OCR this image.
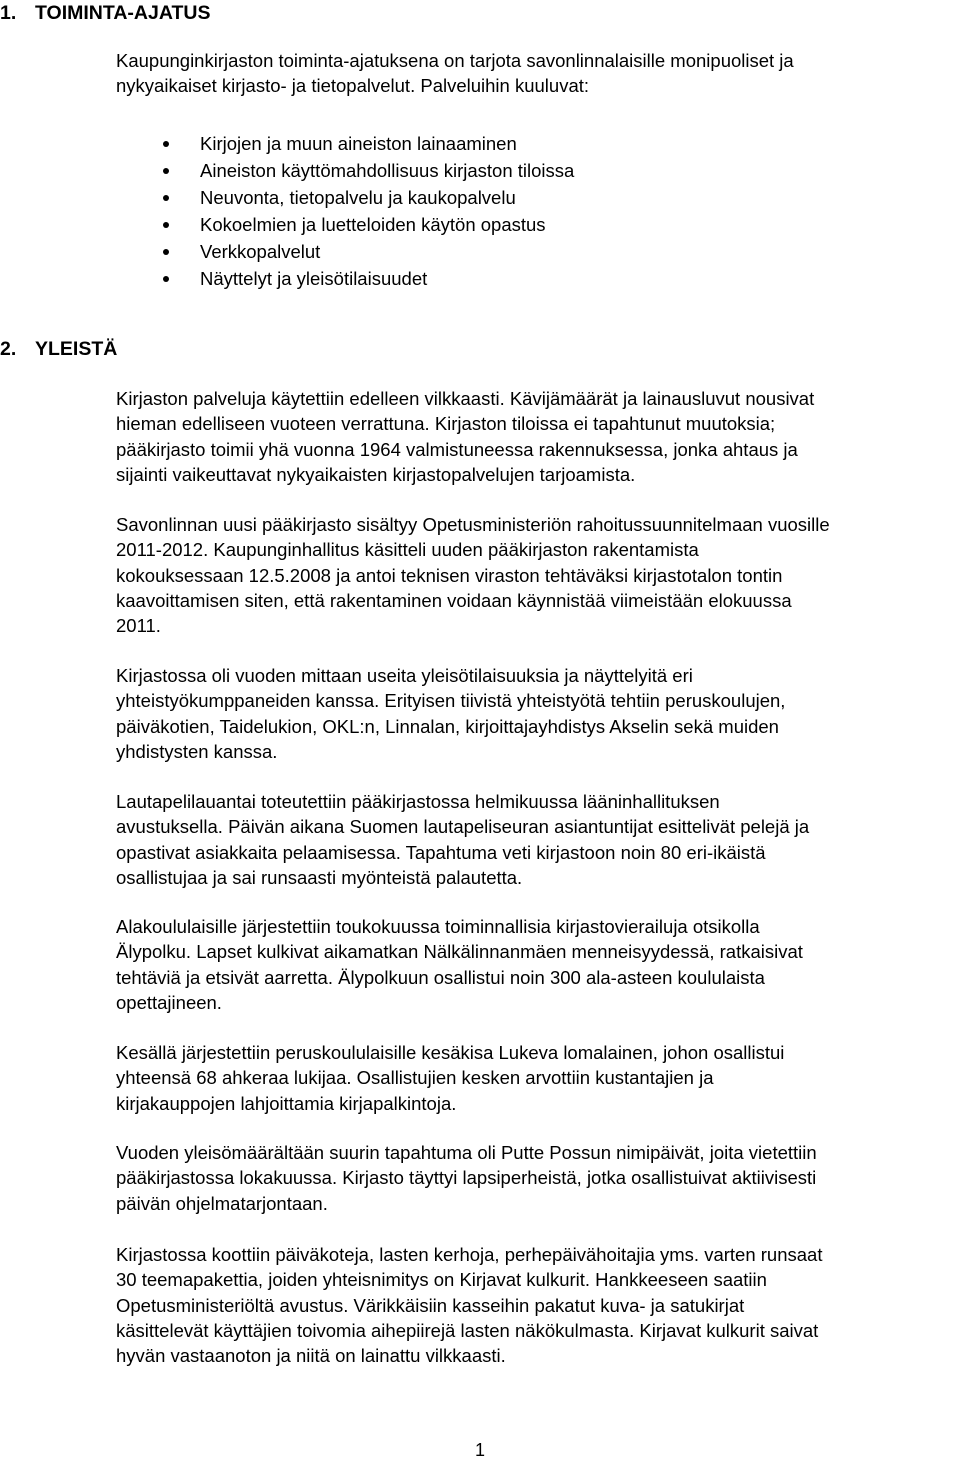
1. TOIMINTA-AJATUS

Kaupunginkirjaston toiminta-ajatuksena on tarjota savonlinnalaisille monipuoliset ja
nykyaikaiset kirjasto- ja tietopalvelut. Palveluihin kuuluvat:

Kirjojen ja muun aineiston lainaaminen
Aineiston käyttömahdollisuus kirjaston tiloissa
Neuvonta, tietopalvelu ja kaukopalvelu
Kokoelmien ja luetteloiden käytön opastus
Verkkopalvelut
Näyttelyt ja yleisötilaisuudet
2. YLEISTÄ

Kirjaston palveluja käytettiin edelleen vilkkaasti. Kävijämäärät ja lainausluvut nousivat
hieman edelliseen vuoteen verrattuna. Kirjaston tiloissa ei tapahtunut muutoksia;
pääkirjasto toimii yhä vuonna 1964 valmistuneessa rakennuksessa, jonka ahtaus ja
sijainti vaikeuttavat nykyaikaisten kirjastopalvelujen tarjoamista.

Savonlinnan uusi pääkirjasto sisältyy Opetusministeriön rahoitussuunnitelmaan vuosille
2011-2012. Kaupunginhallitus käsitteli uuden pääkirjaston rakentamista
kokouksessaan 12.5.2008 ja antoi teknisen viraston tehtäväksi kirjastotalon tontin
kaavoittamisen siten, että rakentaminen voidaan käynnistää viimeistään elokuussa
2011.

Kirjastossa oli vuoden mittaan useita yleisötilaisuuksia ja näyttelyitä eri
yhteistyökumppaneiden kanssa. Erityisen tiivistä yhteistyötä tehtiin peruskoulujen,
päiväkotien, Taidelukion, OKL:n, Linnalan, kirjoittajayhdistys Akselin sekä muiden
yhdistysten kanssa.

Lautapelilauantai toteutettiin pääkirjastossa helmikuussa lääninhallituksen
avustuksella. Päivän aikana Suomen lautapeliseuran asiantuntijat esittelivät pelejä ja
opastivat asiakkaita pelaamisessa. Tapahtuma veti kirjastoon noin 80 eri-ikäistä
osallistujaa ja sai runsaasti myönteistä palautetta.

Alakoululaisille järjestettiin toukokuussa toiminnallisia kirjastovierailuja otsikolla
Älypolku. Lapset kulkivat aikamatkan Nälkälinnanmäen menneisyydessä, ratkaisivat
tehtäviä ja etsivät aarretta. Älypolkuun osallistui noin 300 ala-asteen koululaista
opettajineen.

Kesällä järjestettiin peruskoululaisille kesäkisa Lukeva lomalainen, johon osallistui
yhteensä 68 ahkeraa lukijaa. Osallistujien kesken arvottiin kustantajien ja
kirjakauppojen lahjoittamia kirjapalkintoja.

Vuoden yleisömäärältään suurin tapahtuma oli Putte Possun nimipäivät, joita vietettiin
pääkirjastossa lokakuussa. Kirjasto täyttyi lapsiperheistä, jotka osallistuivat aktiivisesti
päivän ohjelmatarjontaan.

Kirjastossa koottiin päiväkoteja, lasten kerhoja, perhepäivähoitajia yms. varten runsaat
30 teemapakettia, joiden yhteisnimitys on Kirjavat kulkurit. Hankkeeseen saatiin
Opetusministeriöltä avustus. Värikkäisiin kasseihin pakatut kuva- ja satukirjat
käsittelevät käyttäjien toivomia aihepiirejä lasten näkökulmasta. Kirjavat kulkurit saivat
hyvän vastaanoton ja niitä on lainattu vilkkaasti.

1
